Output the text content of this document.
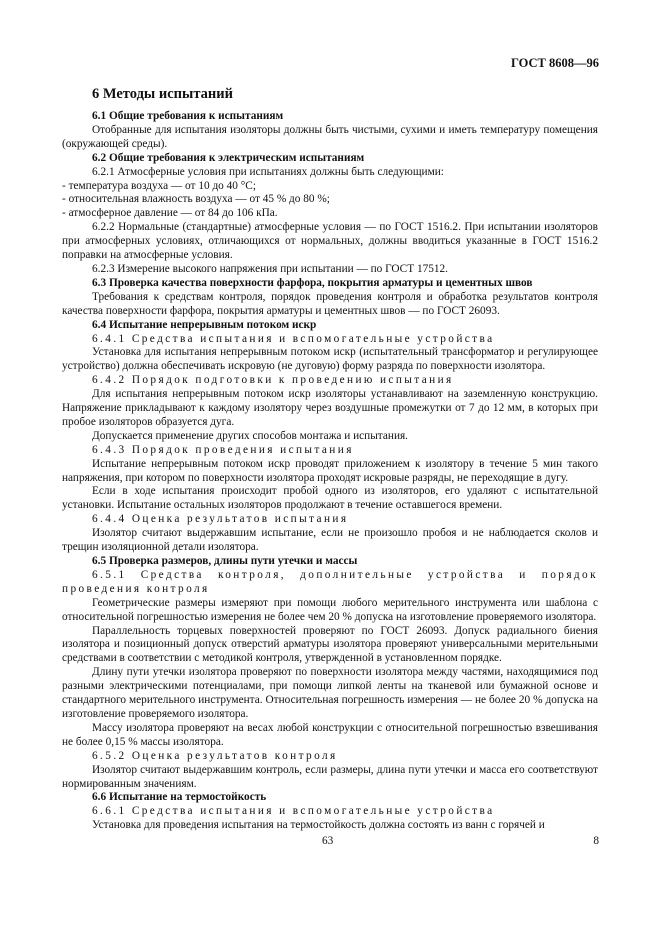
ГОСТ 8608—96
6 Методы испытаний

6.1 Общие требования к испытаниям

Отобранные для испытания изоляторы должны быть чистыми, сухими и иметь температуру помещения (окружающей среды).

6.2 Общие требования к электрическим испытаниям

6.2.1 Атмосферные условия при испытаниях должны быть следующими:

- температура воздуха — от 10 до 40 °С;

- относительная влажность воздуха — от 45 % до 80 %;

- атмосферное давление — от 84 до 106 кПа.

6.2.2 Нормальные (стандартные) атмосферные условия — по ГОСТ 1516.2. При испытании изоляторов при атмосферных условиях, отличающихся от нормальных, должны вводиться указанные в ГОСТ 1516.2 поправки на атмосферные условия.

6.2.3 Измерение высокого напряжения при испытании — по ГОСТ 17512.

6.3 Проверка качества поверхности фарфора, покрытия арматуры и цементных швов

Требования к средствам контроля, порядок проведения контроля и обработка результатов контроля качества поверхности фарфора, покрытия арматуры и цементных швов — по ГОСТ 26093.

6.4 Испытание непрерывным потоком искр

6.4.1 Средства испытания и вспомогательные устройства

Установка для испытания непрерывным потоком искр (испытательный трансформатор и регулирующее устройство) должна обеспечивать искровую (не дуговую) форму разряда по поверхности изолятора.

6.4.2 Порядок подготовки к проведению испытания

Для испытания непрерывным потоком искр изоляторы устанавливают на заземленную конструкцию. Напряжение прикладывают к каждому изолятору через воздушные промежутки от 7 до 12 мм, в которых при пробое изоляторов образуется дуга.

Допускается применение других способов монтажа и испытания.

6.4.3 Порядок проведения испытания

Испытание непрерывным потоком искр проводят приложением к изолятору в течение 5 мин такого напряжения, при котором по поверхности изолятора проходят искровые разряды, не переходящие в дугу.

Если в ходе испытания происходит пробой одного из изоляторов, его удаляют с испытательной установки. Испытание остальных изоляторов продолжают в течение оставшегося времени.

6.4.4 Оценка результатов испытания

Изолятор считают выдержавшим испытание, если не произошло пробоя и не наблюдается сколов и трещин изоляционной детали изолятора.

6.5 Проверка размеров, длины пути утечки и массы

6.5.1 Средства контроля, дополнительные устройства и порядок проведения контроля

Геометрические размеры измеряют при помощи любого мерительного инструмента или шаблона с относительной погрешностью измерения не более чем 20 % допуска на изготовление проверяемого изолятора.

Параллельность торцевых поверхностей проверяют по ГОСТ 26093. Допуск радиального биения изолятора и позиционный допуск отверстий арматуры изолятора проверяют универсальными мерительными средствами в соответствии с методикой контроля, утвержденной в установленном порядке.

Длину пути утечки изолятора проверяют по поверхности изолятора между частями, находящимися под разными электрическими потенциалами, при помощи липкой ленты на тканевой или бумажной основе и стандартного мерительного инструмента. Относительная погрешность измерения — не более 20 % допуска на изготовление проверяемого изолятора.

Массу изолятора проверяют на весах любой конструкции с относительной погрешностью взвешивания не более 0,15 % массы изолятора.

6.5.2 Оценка результатов контроля

Изолятор считают выдержавшим контроль, если размеры, длина пути утечки и масса его соответствуют нормированным значениям.

6.6 Испытание на термостойкость

6.6.1 Средства испытания и вспомогательные устройства

Установка для проведения испытания на термостойкость должна состоять из ванн с горячей и

63	8
